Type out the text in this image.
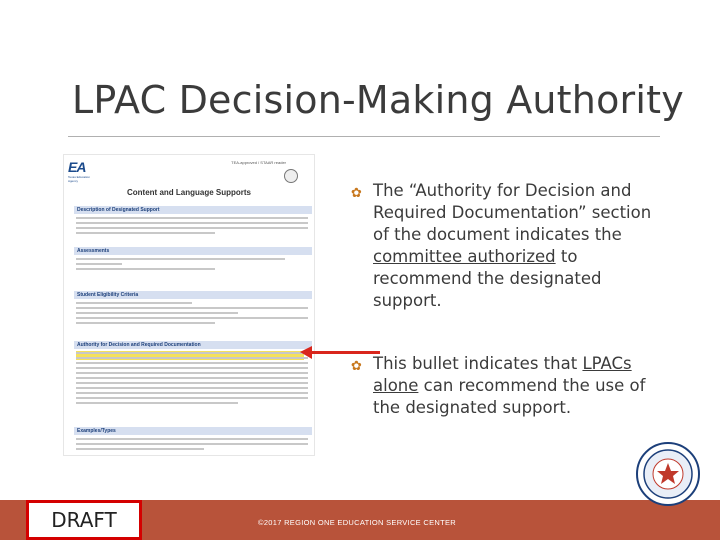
LPAC Decision-Making Authority
EA
Texas Education Agency
TEA-approved / STAAR reader
Content and Language Supports
Description of Designated Support
Assessments
Student Eligibility Criteria
Authority for Decision and Required Documentation
Examples/Types
✿ The “Authority for Decision and
Required Documentation” section
of the document indicates the
committee authorized to
recommend the designated
support.
✿ This bullet indicates that LPACs
alone can recommend the use of
the designated support.
DRAFT	©2017 REGION ONE EDUCATION SERVICE CENTER
